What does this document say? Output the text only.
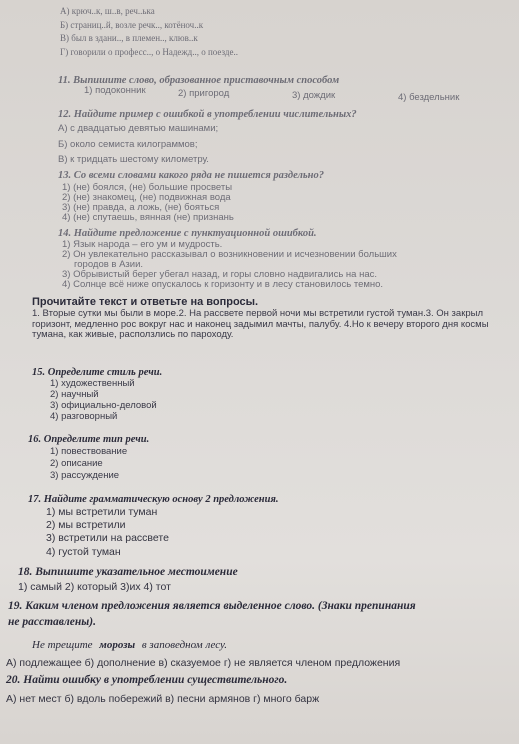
А) крюч..к, ш..в, реч..ька
Б) страниц..й, возле речк.., котёноч..к
В) был в здани.., в племен.., клюв..к
Г) говорили о професс.., о Надежд.., о поезде..
11. Выпишите слово, образованное приставочным способом
1) подоконник	2) пригород	3) дождик	4) бездельник
12. Найдите пример с ошибкой в употреблении числительных?
А) с двадцатью девятью машинами;
Б) около семиста килограммов;
В) к тридцать шестому километру.
13. Со всеми словами какого ряда не пишется раздельно?
1) (не) боялся, (не) большие просветы
2) (не) знакомец, (не) подвижная вода
3) (не) правда, а ложь, (не) бояться
4) (не) спутаешь, вянная (не) признань
14. Найдите предложение с пунктуационной ошибкой.
1) Язык народа – его ум и мудрость.
2) Он увлекательно рассказывал о возникновении и исчезновении больших
городов в Азии.
3) Обрывистый берег убегал назад, и горы словно надвигались на нас.
4) Солнце всё ниже опускалось к горизонту и в лесу становилось темно.
Прочитайте текст и ответьте на вопросы.
1. Вторые сутки мы были в море.2. На рассвете первой ночи мы встретили густой туман.3. Он закрыл горизонт, медленно рос вокруг нас и наконец задымил мачты, палубу. 4.Но к вечеру второго дня космы тумана, как живые, расползлись по пароходу.
15. Определите стиль речи.
1) художественный
2) научный
3) официально-деловой
4) разговорный
16. Определите тип речи.
1) повествование
2) описание
3) рассуждение
17. Найдите грамматическую основу 2 предложения.
1) мы встретили туман
2) мы встретили
3) встретили на рассвете
4) густой туман
18. Выпишите указательное местоимение
1) самый 2) который 3)их 4) тот
19. Каким членом предложения является выделенное слово. (Знаки препинания
не расставлены).
Не трещите морозы в заповедном лесу.
А) подлежащее б) дополнение в) сказуемое г) не является членом предложения
20. Найти ошибку в употреблении существительного.
А) нет мест б) вдоль побережий в) песни армянов г) много барж
